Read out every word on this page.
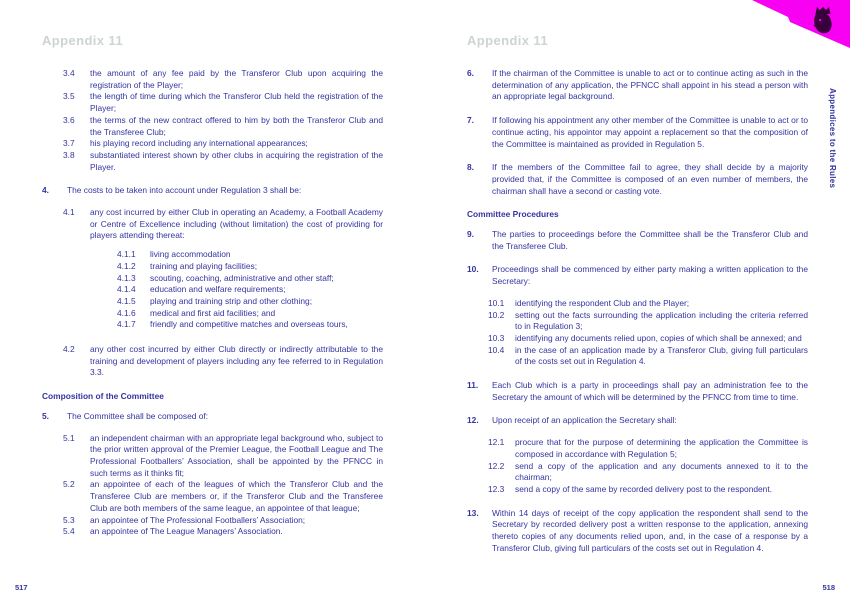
Appendix 11
3.4	the amount of any fee paid by the Transferor Club upon acquiring the registration of the Player;
3.5	the length of time during which the Transferor Club held the registration of the Player;
3.6	the terms of the new contract offered to him by both the Transferor Club and the Transferee Club;
3.7	his playing record including any international appearances;
3.8	substantiated interest shown by other clubs in acquiring the registration of the Player.
4.	The costs to be taken into account under Regulation 3 shall be:
4.1	any cost incurred by either Club in operating an Academy, a Football Academy or Centre of Excellence including (without limitation) the cost of providing for players attending thereat:
4.1.1	living accommodation
4.1.2	training and playing facilities;
4.1.3	scouting, coaching, administrative and other staff;
4.1.4	education and welfare requirements;
4.1.5	playing and training strip and other clothing;
4.1.6	medical and first aid facilities; and
4.1.7	friendly and competitive matches and overseas tours,
4.2	any other cost incurred by either Club directly or indirectly attributable to the training and development of players including any fee referred to in Regulation 3.3.
Composition of the Committee
5.	The Committee shall be composed of:
5.1	an independent chairman with an appropriate legal background who, subject to the prior written approval of the Premier League, the Football League and The Professional Footballers’ Association, shall be appointed by the PFNCC in such terms as it thinks fit;
5.2	an appointee of each of the leagues of which the Transferor Club and the Transferee Club are members or, if the Transferor Club and the Transferee Club are both members of the same league, an appointee of that league;
5.3	an appointee of The Professional Footballers’ Association;
5.4	an appointee of The League Managers’ Association.
517
Appendix 11
6.	If the chairman of the Committee is unable to act or to continue acting as such in the determination of any application, the PFNCC shall appoint in his stead a person with an appropriate legal background.
7.	If following his appointment any other member of the Committee is unable to act or to continue acting, his appointor may appoint a replacement so that the composition of the Committee is maintained as provided in Regulation 5.
8.	If the members of the Committee fail to agree, they shall decide by a majority provided that, if the Committee is composed of an even number of members, the chairman shall have a second or casting vote.
Committee Procedures
9.	The parties to proceedings before the Committee shall be the Transferor Club and the Transferee Club.
10.	Proceedings shall be commenced by either party making a written application to the Secretary:
10.1	identifying the respondent Club and the Player;
10.2	setting out the facts surrounding the application including the criteria referred to in Regulation 3;
10.3	identifying any documents relied upon, copies of which shall be annexed; and
10.4	in the case of an application made by a Transferor Club, giving full particulars of the costs set out in Regulation 4.
11.	Each Club which is a party in proceedings shall pay an administration fee to the Secretary the amount of which will be determined by the PFNCC from time to time.
12.	Upon receipt of an application the Secretary shall:
12.1	procure that for the purpose of determining the application the Committee is composed in accordance with Regulation 5;
12.2	send a copy of the application and any documents annexed to it to the chairman;
12.3	send a copy of the same by recorded delivery post to the respondent.
13.	Within 14 days of receipt of the copy application the respondent shall send to the Secretary by recorded delivery post a written response to the application, annexing thereto copies of any documents relied upon, and, in the case of a response by a Transferor Club, giving full particulars of the costs set out in Regulation 4.
518
Appendices to the Rules
